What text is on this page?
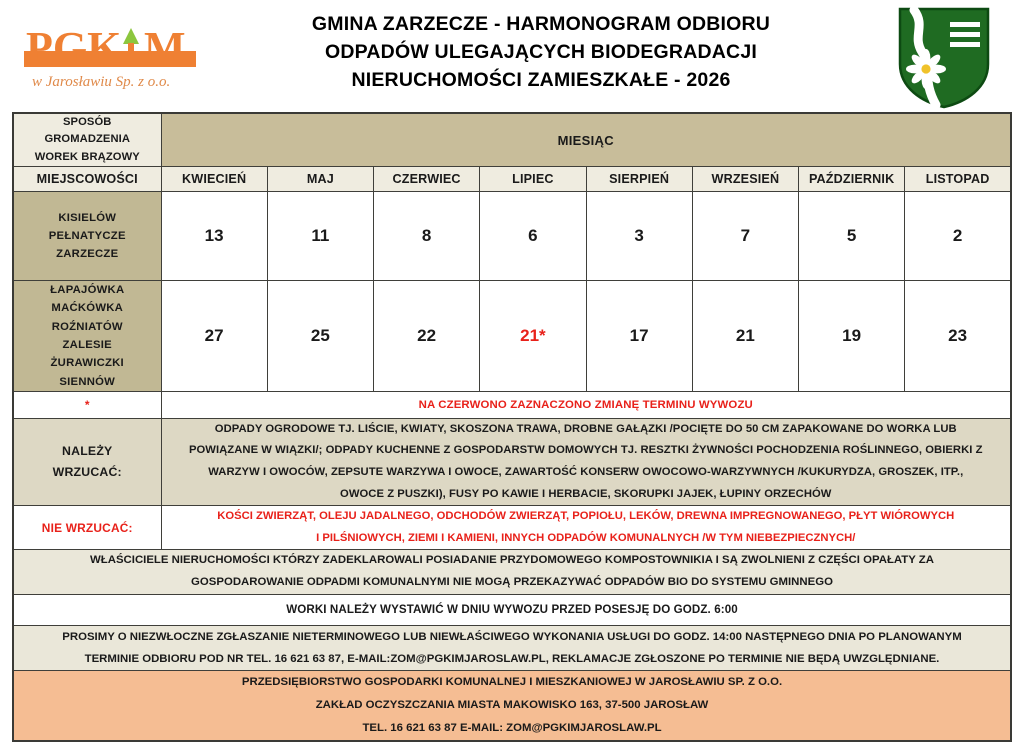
PGK M
w Jarosławiu Sp. z o.o.
GMINA ZARZECZE - HARMONOGRAM ODBIORU
ODPADÓW ULEGAJĄCYCH BIODEGRADACJI
NIERUCHOMOŚCI ZAMIESZKAŁE - 2026
SPOSÓB
GROMADZENIA
WOREK BRĄZOWY	MIESIĄC							
MIEJSCOWOŚCI	KWIECIEŃ	MAJ	CZERWIEC	LIPIEC	SIERPIEŃ	WRZESIEŃ	PAŹDZIERNIK	LISTOPAD

KISIELÓW
PEŁNATYCZE
ZARZECZE	13	11	8	6	3	7	5	2

ŁAPAJÓWKA
MAĆKÓWKA
ROŹNIATÓW
ZALESIE
ŻURAWICZKI
SIENNÓW
	27	25	22	21*	17	21	19	23
*	NA CZERWONO ZAZNACZONO ZMIANĘ TERMINU WYWOZU							

NALEŻY
WRZUCAĆ:

ODPADY OGRODOWE TJ. LIŚCIE, KWIATY, SKOSZONA TRAWA, DROBNE GAŁĄZKI /POCIĘTE DO 50 CM ZAPAKOWANE DO WORKA LUB
POWIĄZANE W WIĄZKI/; ODPADY KUCHENNE Z GOSPODARSTW DOMOWYCH TJ. RESZTKI ŻYWNOŚCI POCHODZENIA ROŚLINNEGO, OBIERKI Z
WARZYW I OWOCÓW, ZEPSUTE WARZYWA I OWOCE, ZAWARTOŚĆ KONSERW OWOCOWO-WARZYWNYCH /KUKURYDZA, GROSZEK, ITP.,
OWOCE Z PUSZKI), FUSY PO KAWIE I HERBACIE, SKORUPKI JAJEK, ŁUPINY ORZECHÓW

NIE WRZUCAĆ:	KOŚCI ZWIERZĄT, OLEJU JADALNEGO, ODCHODÓW ZWIERZĄT, POPIOŁU, LEKÓW, DREWNA IMPREGNOWANEGO, PŁYT WIÓROWYCH
I PILŚNIOWYCH, ZIEMI I KAMIENI, INNYCH ODPADÓW KOMUNALNYCH /W TYM NIEBEZPIECZNYCH/							

WŁAŚCICIELE NIERUCHOMOŚCI KTÓRZY ZADEKLAROWALI POSIADANIE PRZYDOMOWEGO KOMPOSTOWNIKIA I SĄ ZWOLNIENI Z CZĘŚCI OPAŁATY ZA
GOSPODAROWANIE ODPADMI KOMUNALNYMI NIE MOGĄ PRZEKAZYWAĆ ODPADÓW BIO DO SYSTEMU GMINNEGO								

WORKI NALEŻY WYSTAWIĆ W DNIU WYWOZU PRZED POSESJĘ DO GODZ. 6:00								

PROSIMY O NIEZWŁOCZNE ZGŁASZANIE NIETERMINOWEGO LUB NIEWŁAŚCIWEGO WYKONANIA USŁUGI DO GODZ. 14:00 NASTĘPNEGO DNIA PO PLANOWANYM
TERMINIE ODBIORU POD NR TEL. 16 621 63 87, E-MAIL:ZOM@PGKIMJAROSLAW.PL, REKLAMACJE ZGŁOSZONE PO TERMINIE NIE BĘDĄ UWZGLĘDNIANE.								

PRZEDSIĘBIORSTWO GOSPODARKI KOMUNALNEJ I MIESZKANIOWEJ W JAROSŁAWIU SP. Z O.O.
ZAKŁAD OCZYSZCZANIA MIASTA MAKOWISKO 163, 37-500 JAROSŁAW
TEL. 16 621 63 87 E-MAIL: ZOM@PGKIMJAROSLAW.PL								
